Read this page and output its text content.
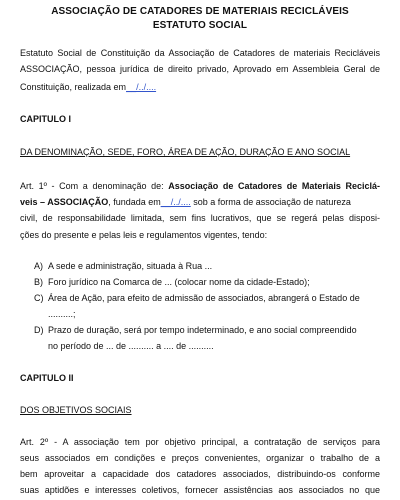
ASSOCIAÇÃO DE CATADORES DE MATERIAIS RECICLÁVEIS
ESTATUTO SOCIAL
Estatuto Social de Constituição da Associação de Catadores de materiais Recicláveis
ASSOCIAÇÃO, pessoa jurídica de direito privado, Aprovado em Assembleia Geral de
Constituição, realizada em__/../....
CAPITULO I
DA DENOMINAÇÃO, SEDE, FORO, ÁREA DE AÇÃO, DURAÇÃO E ANO SOCIAL
Art. 1º - Com a denominação de: Associação de Catadores de Materiais Reciclá-
veis – ASSOCIAÇÃO, fundada em__/../.... sob a forma de associação de natureza
civil, de responsabilidade limitada, sem fins lucrativos, que se regerá pelas disposi-
ções do presente e pelas leis e regulamentos vigentes, tendo:
A) A sede e administração, situada à Rua ...
B) Foro jurídico na Comarca de ... (colocar nome da cidade-Estado);
C) Área de Ação, para efeito de admissão de associados, abrangerá o Estado de
..........;
D) Prazo de duração, será por tempo indeterminado, e ano social compreendido
no período de ... de .......... a .... de ..........
CAPITULO II
DOS OBJETIVOS SOCIAIS
Art. 2º - A associação tem por objetivo principal, a contratação de serviços para
seus associados em condições e preços convenientes, organizar o trabalho de a
bem aproveitar a capacidade dos catadores associados, distribuindo-os conforme
suas aptidões e interesses coletivos, fornecer assistências aos associados no que
